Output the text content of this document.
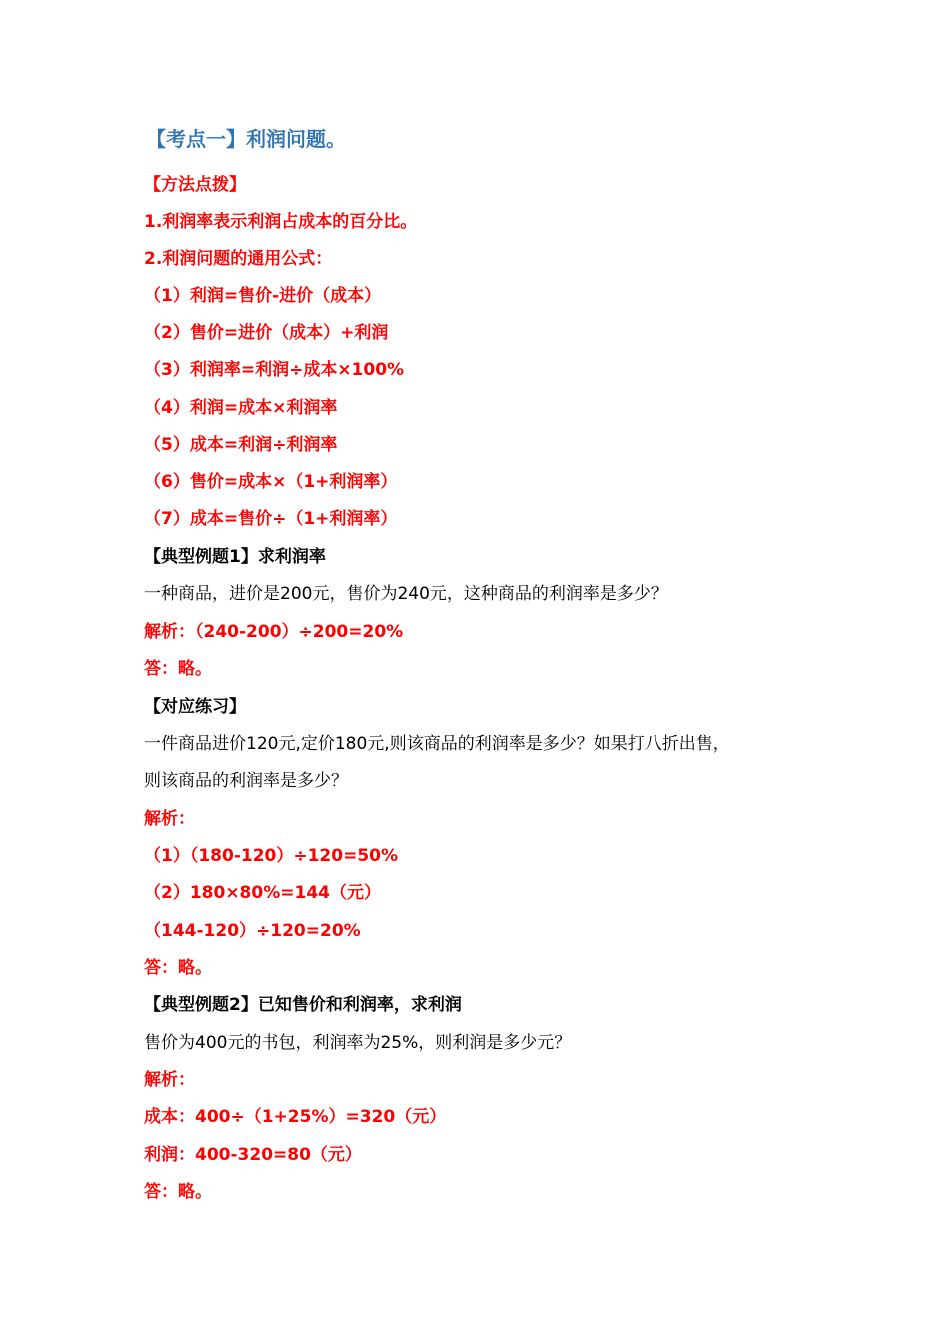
【考点一】利润问题。
【方法点拨】
1.利润率表示利润占成本的百分比。
2.利润问题的通用公式：
（1）利润=售价-进价（成本）
（2）售价=进价（成本）+利润
（3）利润率=利润÷成本×100%
（4）利润=成本×利润率
（5）成本=利润÷利润率
（6）售价=成本×（1+利润率）
（7）成本=售价÷（1+利润率）
【典型例题1】求利润率
一种商品，进价是200元，售价为240元，这种商品的利润率是多少？
解析：（240-200）÷200=20%
答：略。
【对应练习】
一件商品进价120元,定价180元,则该商品的利润率是多少？如果打八折出售，
则该商品的利润率是多少？
解析：
（1）（180-120）÷120=50%
（2）180×80%=144（元）
（144-120）÷120=20%
答：略。
【典型例题2】已知售价和利润率，求利润
售价为400元的书包，利润率为25%，则利润是多少元？
解析：
成本：400÷（1+25%）=320（元）
利润：400-320=80（元）
答：略。
